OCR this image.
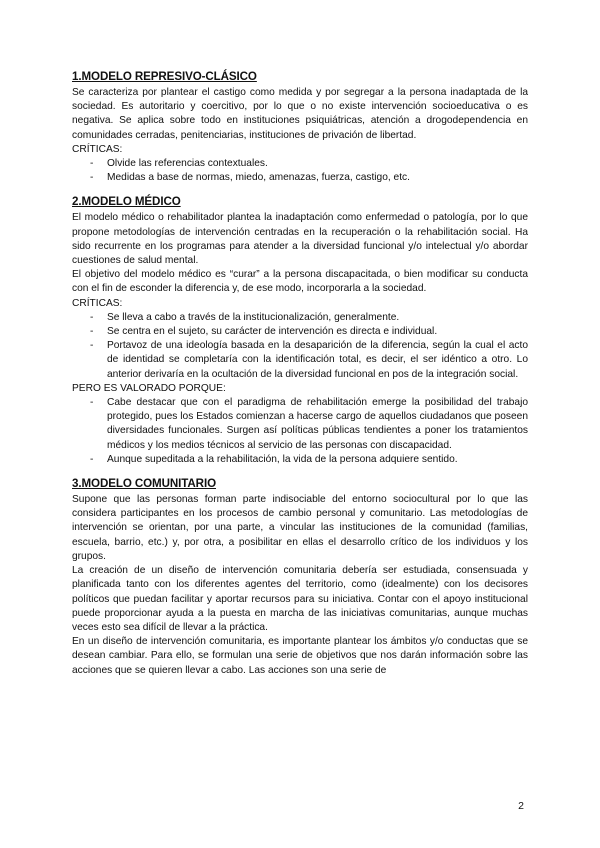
1.MODELO REPRESIVO-CLÁSICO

Se caracteriza por plantear el castigo como medida y por segregar a la persona inadaptada de la sociedad. Es autoritario y coercitivo, por lo que o no existe intervención socioeducativa o es negativa. Se aplica sobre todo en instituciones psiquiátricas, atención a drogodependencia en comunidades cerradas, penitenciarias, instituciones de privación de libertad.

CRÍTICAS:
- Olvide las referencias contextuales.
- Medidas a base de normas, miedo, amenazas, fuerza, castigo, etc.
2.MODELO MÉDICO

El modelo médico o rehabilitador plantea la inadaptación como enfermedad o patología, por lo que propone metodologías de intervención centradas en la recuperación o la rehabilitación social. Ha sido recurrente en los programas para atender a la diversidad funcional y/o intelectual y/o abordar cuestiones de salud mental.

El objetivo del modelo médico es “curar” a la persona discapacitada, o bien modificar su conducta con el fin de esconder la diferencia y, de ese modo, incorporarla a la sociedad.

CRÍTICAS:
- Se lleva a cabo a través de la institucionalización, generalmente.
- Se centra en el sujeto, su carácter de intervención es directa e individual.
- Portavoz de una ideología basada en la desaparición de la diferencia, según la cual el acto de identidad se completaría con la identificación total, es decir, el ser idéntico a otro. Lo anterior derivaría en la ocultación de la diversidad funcional en pos de la integración social.
PERO ES VALORADO PORQUE:
- Cabe destacar que con el paradigma de rehabilitación emerge la posibilidad del trabajo protegido, pues los Estados comienzan a hacerse cargo de aquellos ciudadanos que poseen diversidades funcionales. Surgen así políticas públicas tendientes a poner los tratamientos médicos y los medios técnicos al servicio de las personas con discapacidad.
- Aunque supeditada a la rehabilitación, la vida de la persona adquiere sentido.
3.MODELO COMUNITARIO

Supone que las personas forman parte indisociable del entorno sociocultural por lo que las considera participantes en los procesos de cambio personal y comunitario. Las metodologías de intervención se orientan, por una parte, a vincular las instituciones de la comunidad (familias, escuela, barrio, etc.) y, por otra, a posibilitar en ellas el desarrollo crítico de los individuos y los grupos.

La creación de un diseño de intervención comunitaria debería ser estudiada, consensuada y planificada tanto con los diferentes agentes del territorio, como (idealmente) con los decisores políticos que puedan facilitar y aportar recursos para su iniciativa. Contar con el apoyo institucional puede proporcionar ayuda a la puesta en marcha de las iniciativas comunitarias, aunque muchas veces esto sea difícil de llevar a la práctica.

En un diseño de intervención comunitaria, es importante plantear los ámbitos y/o conductas que se desean cambiar. Para ello, se formulan una serie de objetivos que nos darán información sobre las acciones que se quieren llevar a cabo. Las acciones son una serie de

2
